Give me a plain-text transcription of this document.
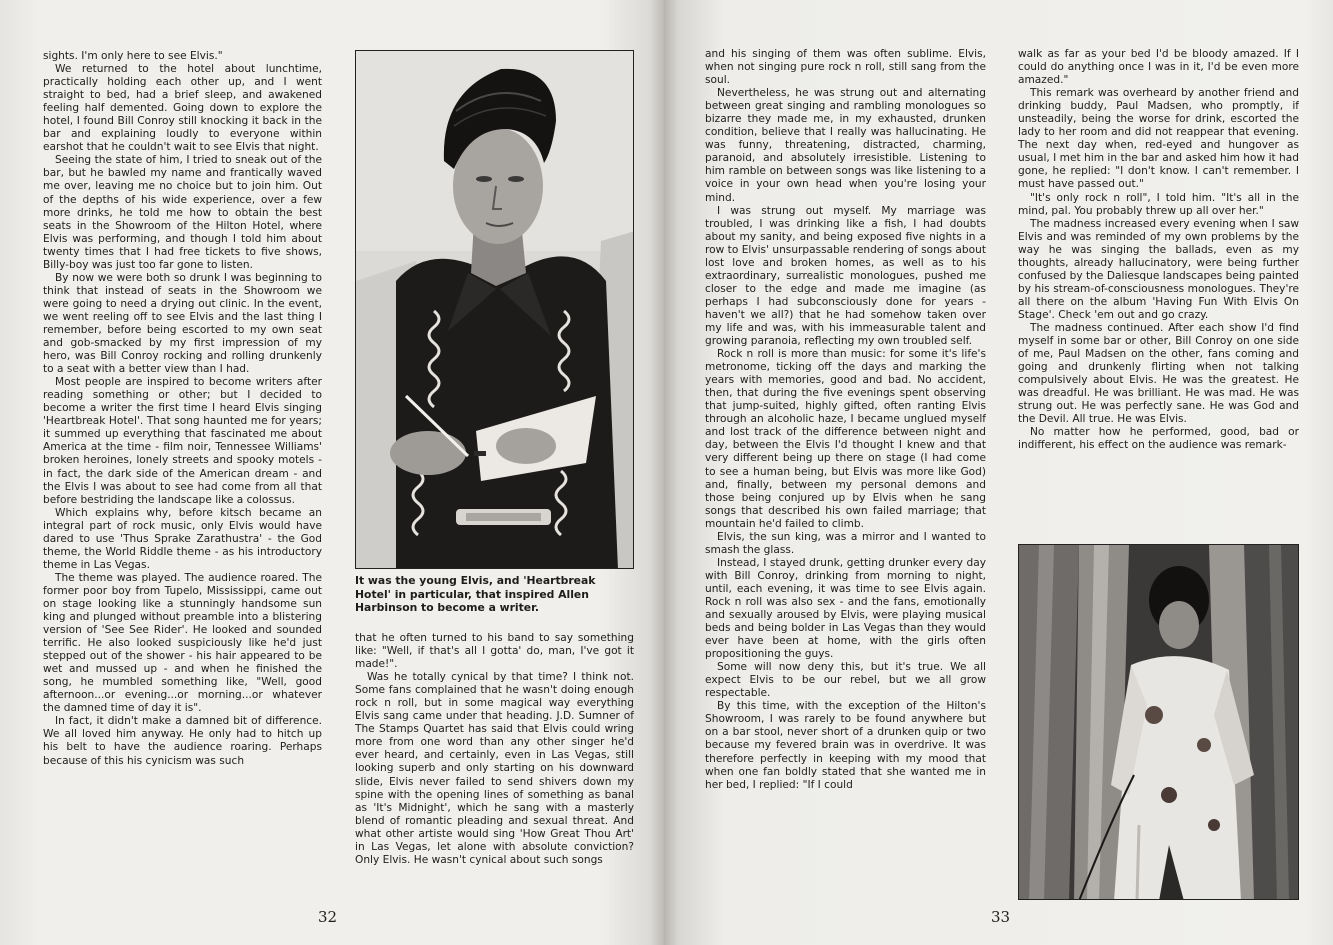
sights. I'm only here to see Elvis."

We returned to the hotel about lunchtime, practically holding each other up, and I went straight to bed, had a brief sleep, and awakened feeling half demented. Going down to explore the hotel, I found Bill Conroy still knocking it back in the bar and explaining loudly to everyone within earshot that he couldn't wait to see Elvis that night.

Seeing the state of him, I tried to sneak out of the bar, but he bawled my name and frantically waved me over, leaving me no choice but to join him. Out of the depths of his wide experience, over a few more drinks, he told me how to obtain the best seats in the Showroom of the Hilton Hotel, where Elvis was performing, and though I told him about twenty times that I had free tickets to five shows, Billy-boy was just too far gone to listen.

By now we were both so drunk I was beginning to think that instead of seats in the Showroom we were going to need a drying out clinic. In the event, we went reeling off to see Elvis and the last thing I remember, before being escorted to my own seat and gob-smacked by my first impression of my hero, was Bill Conroy rocking and rolling drunkenly to a seat with a better view than I had.

Most people are inspired to become writers after reading something or other; but I decided to become a writer the first time I heard Elvis singing 'Heartbreak Hotel'. That song haunted me for years; it summed up everything that fascinated me about America at the time - film noir, Tennessee Williams' broken heroines, lonely streets and spooky motels - in fact, the dark side of the American dream - and the Elvis I was about to see had come from all that before bestriding the landscape like a colossus.

Which explains why, before kitsch became an integral part of rock music, only Elvis would have dared to use 'Thus Sprake Zarathustra' - the God theme, the World Riddle theme - as his introductory theme in Las Vegas.

The theme was played. The audience roared. The former poor boy from Tupelo, Mississippi, came out on stage looking like a stunningly handsome sun king and plunged without preamble into a blistering version of 'See See Rider'. He looked and sounded terrific. He also looked suspiciously like he'd just stepped out of the shower - his hair appeared to be wet and mussed up - and when he finished the song, he mumbled something like, "Well, good afternoon...or evening...or morning...or whatever the damned time of day it is".

In fact, it didn't make a damned bit of difference. We all loved him anyway. He only had to hitch up his belt to have the audience roaring. Perhaps because of this his cynicism was such

It was the young Elvis, and 'Heartbreak Hotel' in particular, that inspired Allen Harbinson to become a writer.

that he often turned to his band to say something like: "Well, if that's all I gotta' do, man, I've got it made!".

Was he totally cynical by that time? I think not. Some fans complained that he wasn't doing enough rock n roll, but in some magical way everything Elvis sang came under that heading. J.D. Sumner of The Stamps Quartet has said that Elvis could wring more from one word than any other singer he'd ever heard, and certainly, even in Las Vegas, still looking superb and only starting on his downward slide, Elvis never failed to send shivers down my spine with the opening lines of something as banal as 'It's Midnight', which he sang with a masterly blend of romantic pleading and sexual threat. And what other artiste would sing 'How Great Thou Art' in Las Vegas, let alone with absolute conviction? Only Elvis. He wasn't cynical about such songs

32

and his singing of them was often sublime. Elvis, when not singing pure rock n roll, still sang from the soul.

Nevertheless, he was strung out and alternating between great singing and rambling monologues so bizarre they made me, in my exhausted, drunken condition, believe that I really was hallucinating. He was funny, threatening, distracted, charming, paranoid, and absolutely irresistible. Listening to him ramble on between songs was like listening to a voice in your own head when you're losing your mind.

I was strung out myself. My marriage was troubled, I was drinking like a fish, I had doubts about my sanity, and being exposed five nights in a row to Elvis' unsurpassable rendering of songs about lost love and broken homes, as well as to his extraordinary, surrealistic monologues, pushed me closer to the edge and made me imagine (as perhaps I had subconsciously done for years - haven't we all?) that he had somehow taken over my life and was, with his immeasurable talent and growing paranoia, reflecting my own troubled self.

Rock n roll is more than music: for some it's life's metronome, ticking off the days and marking the years with memories, good and bad. No accident, then, that during the five evenings spent observing that jump-suited, highly gifted, often ranting Elvis through an alcoholic haze, I became unglued myself and lost track of the difference between night and day, between the Elvis I'd thought I knew and that very different being up there on stage (I had come to see a human being, but Elvis was more like God) and, finally, between my personal demons and those being conjured up by Elvis when he sang songs that described his own failed marriage; that mountain he'd failed to climb.

Elvis, the sun king, was a mirror and I wanted to smash the glass.

Instead, I stayed drunk, getting drunker every day with Bill Conroy, drinking from morning to night, until, each evening, it was time to see Elvis again. Rock n roll was also sex - and the fans, emotionally and sexually aroused by Elvis, were playing musical beds and being bolder in Las Vegas than they would ever have been at home, with the girls often propositioning the guys.

Some will now deny this, but it's true. We all expect Elvis to be our rebel, but we all grow respectable.

By this time, with the exception of the Hilton's Showroom, I was rarely to be found anywhere but on a bar stool, never short of a drunken quip or two because my fevered brain was in overdrive. It was therefore perfectly in keeping with my mood that when one fan boldly stated that she wanted me in her bed, I replied: "If I could

walk as far as your bed I'd be bloody amazed. If I could do anything once I was in it, I'd be even more amazed."

This remark was overheard by another friend and drinking buddy, Paul Madsen, who promptly, if unsteadily, being the worse for drink, escorted the lady to her room and did not reappear that evening. The next day when, red-eyed and hungover as usual, I met him in the bar and asked him how it had gone, he replied: "I don't know. I can't remember. I must have passed out."

"It's only rock n roll", I told him. "It's all in the mind, pal. You probably threw up all over her."

The madness increased every evening when I saw Elvis and was reminded of my own problems by the way he was singing the ballads, even as my thoughts, already hallucinatory, were being further confused by the Daliesque landscapes being painted by his stream-of-consciousness monologues. They're all there on the album 'Having Fun With Elvis On Stage'. Check 'em out and go crazy.

The madness continued. After each show I'd find myself in some bar or other, Bill Conroy on one side of me, Paul Madsen on the other, fans coming and going and drunkenly flirting when not talking compulsively about Elvis. He was the greatest. He was dreadful. He was brilliant. He was mad. He was strung out. He was perfectly sane. He was God and the Devil. All true. He was Elvis.

No matter how he performed, good, bad or indifferent, his effect on the audience was remark-

33
